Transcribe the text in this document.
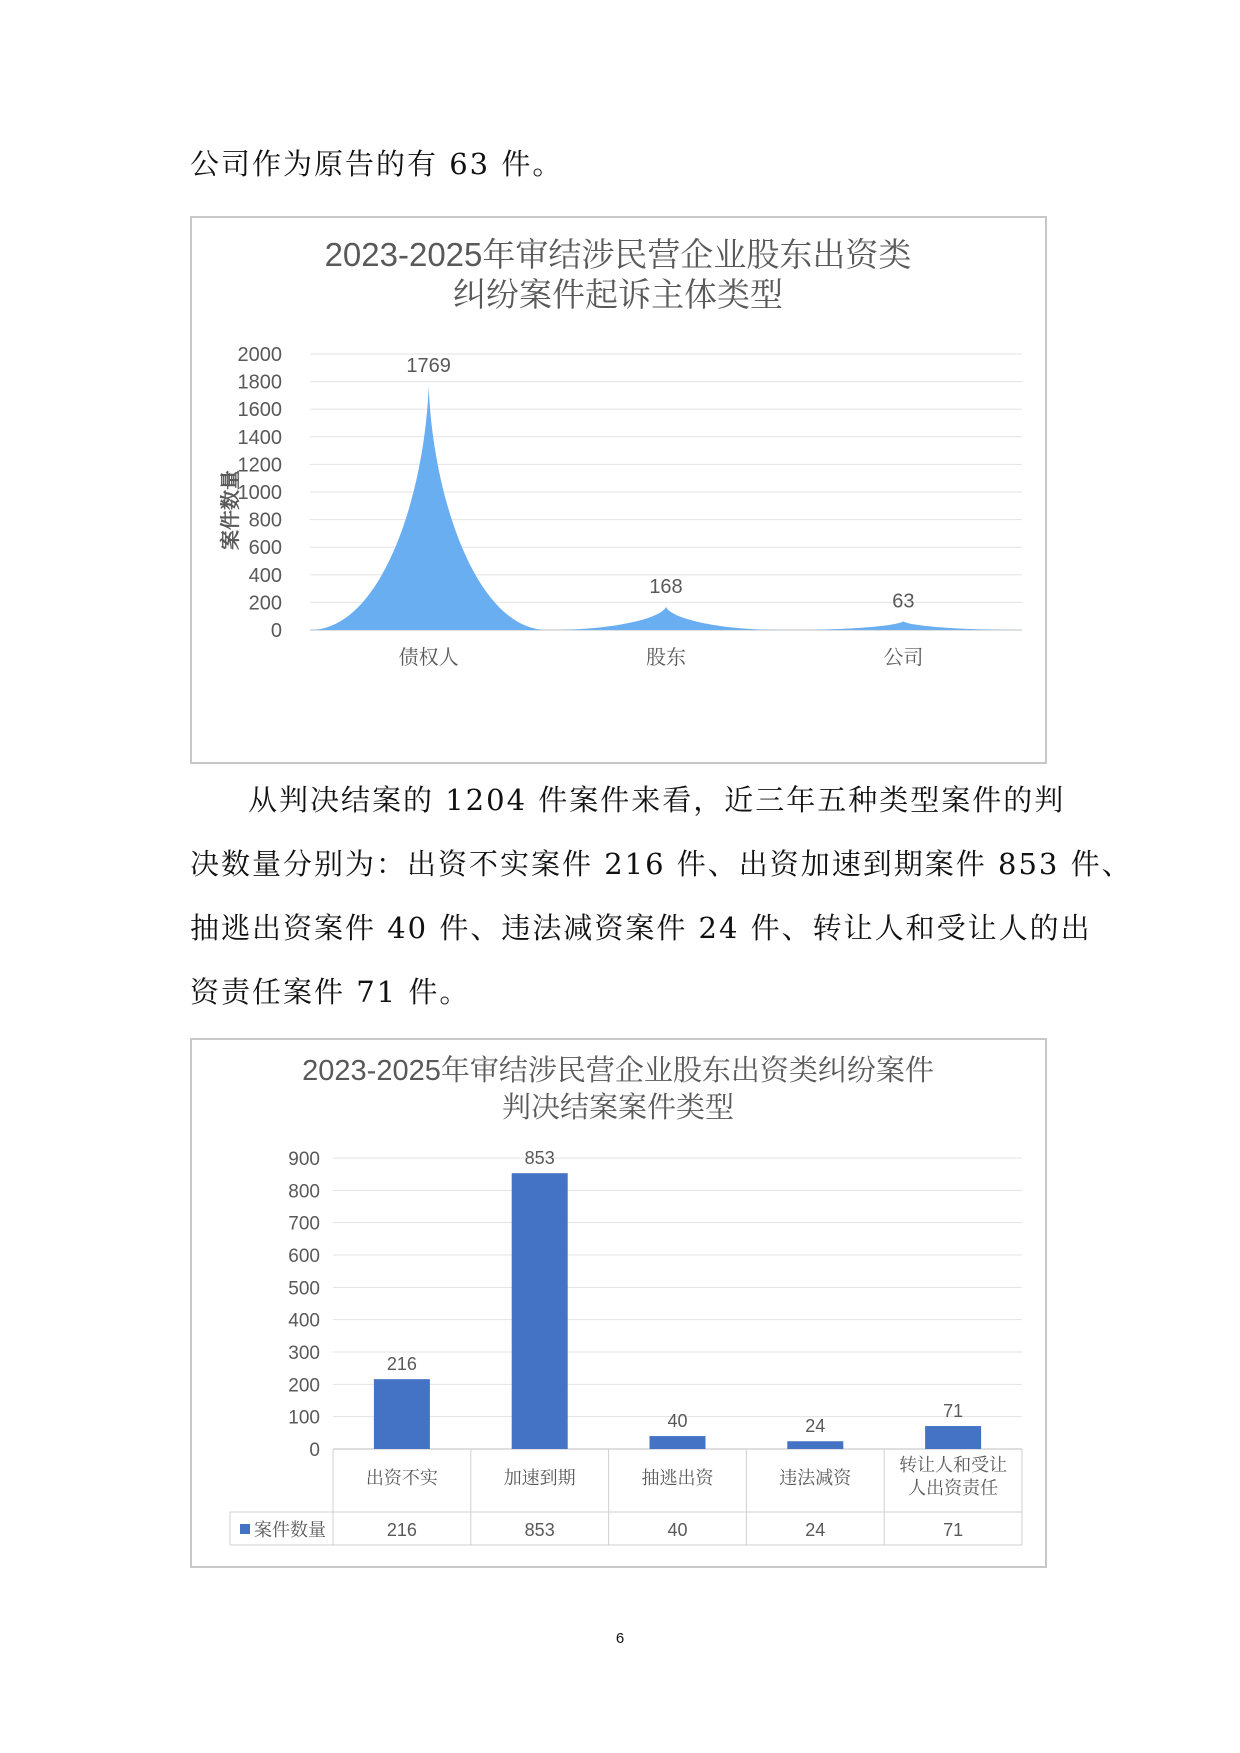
公司作为原告的有 63 件。

2023-2025年审结涉民营企业股东出资类
纠纷案件起诉主体类型
0
200
400
600
800
1000
1200
1400
1600
1800
2000
案件数量
1769
债权人
168
股东
63
公司

从判决结案的 1204 件案件来看，近三年五种类型案件的判
决数量分别为：出资不实案件 216 件、出资加速到期案件 853 件、
抽逃出资案件 40 件、违法减资案件 24 件、转让人和受让人的出
资责任案件 71 件。

2023-2025年审结涉民营企业股东出资类纠纷案件
判决结案案件类型
0
100
200
300
400
500
600
700
800
900
案件数量
216
出资不实
216
853
加速到期
853
40
抽逃出资
40
24
违法减资
24
71
转让人和受让
人出资责任
71
6
